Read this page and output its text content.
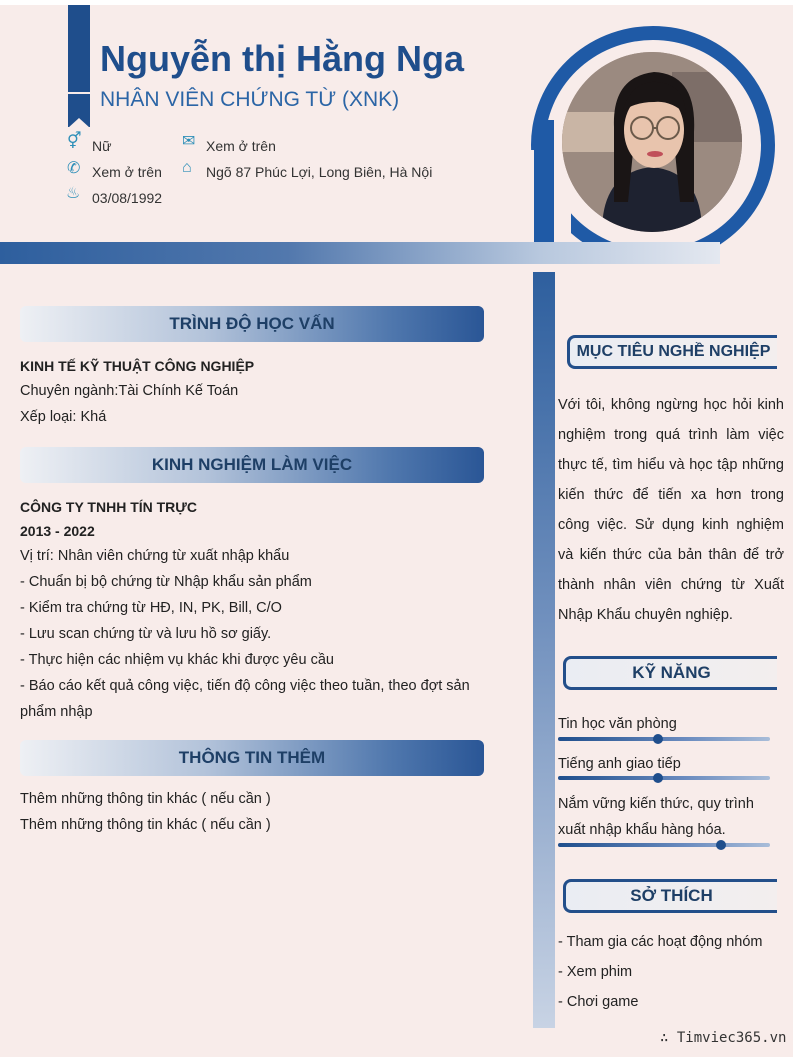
Nguyễn thị Hằng Nga
NHÂN VIÊN CHỨNG TỪ (XNK)
⚥ Nữ
✆ Xem ở trên
♨ 03/08/1992
✉ Xem ở trên
⌂ Ngõ 87 Phúc Lợi, Long Biên, Hà Nội
TRÌNH ĐỘ HỌC VẤN
KINH TẾ KỸ THUẬT CÔNG NGHIỆP
Chuyên ngành:Tài Chính Kế Toán
Xếp loại: Khá
KINH NGHIỆM LÀM VIỆC
CÔNG TY TNHH TÍN TRỰC
2013 - 2022
Vị trí: Nhân viên chứng từ xuất nhập khẩu
- Chuẩn bị bộ chứng từ Nhập khẩu sản phẩm
- Kiểm tra chứng từ HĐ, IN, PK, Bill, C/O
- Lưu scan chứng từ và lưu hồ sơ giấy.
- Thực hiện các nhiệm vụ khác khi được yêu cầu
- Báo cáo kết quả công việc, tiến độ công việc theo tuần, theo đợt sản
phẩm nhập
THÔNG TIN THÊM
Thêm những thông tin khác ( nếu cần )
Thêm những thông tin khác ( nếu cần )
MỤC TIÊU NGHỀ NGHIỆP
Với tôi, không ngừng học hỏi kinh nghiệm trong quá trình làm việc thực tế, tìm hiểu và học tập những kiến thức để tiến xa hơn trong công việc. Sử dụng kinh nghiệm và kiến thức của bản thân để trở thành nhân viên chứng từ Xuất Nhập Khẩu chuyên nghiệp.
KỸ NĂNG
Tin học văn phòng
Tiếng anh giao tiếp
Nắm vững kiến thức, quy trình
xuất nhập khẩu hàng hóa.
SỞ THÍCH
- Tham gia các hoạt động nhóm
- Xem phim
- Chơi game
∴ Timviec365.vn
